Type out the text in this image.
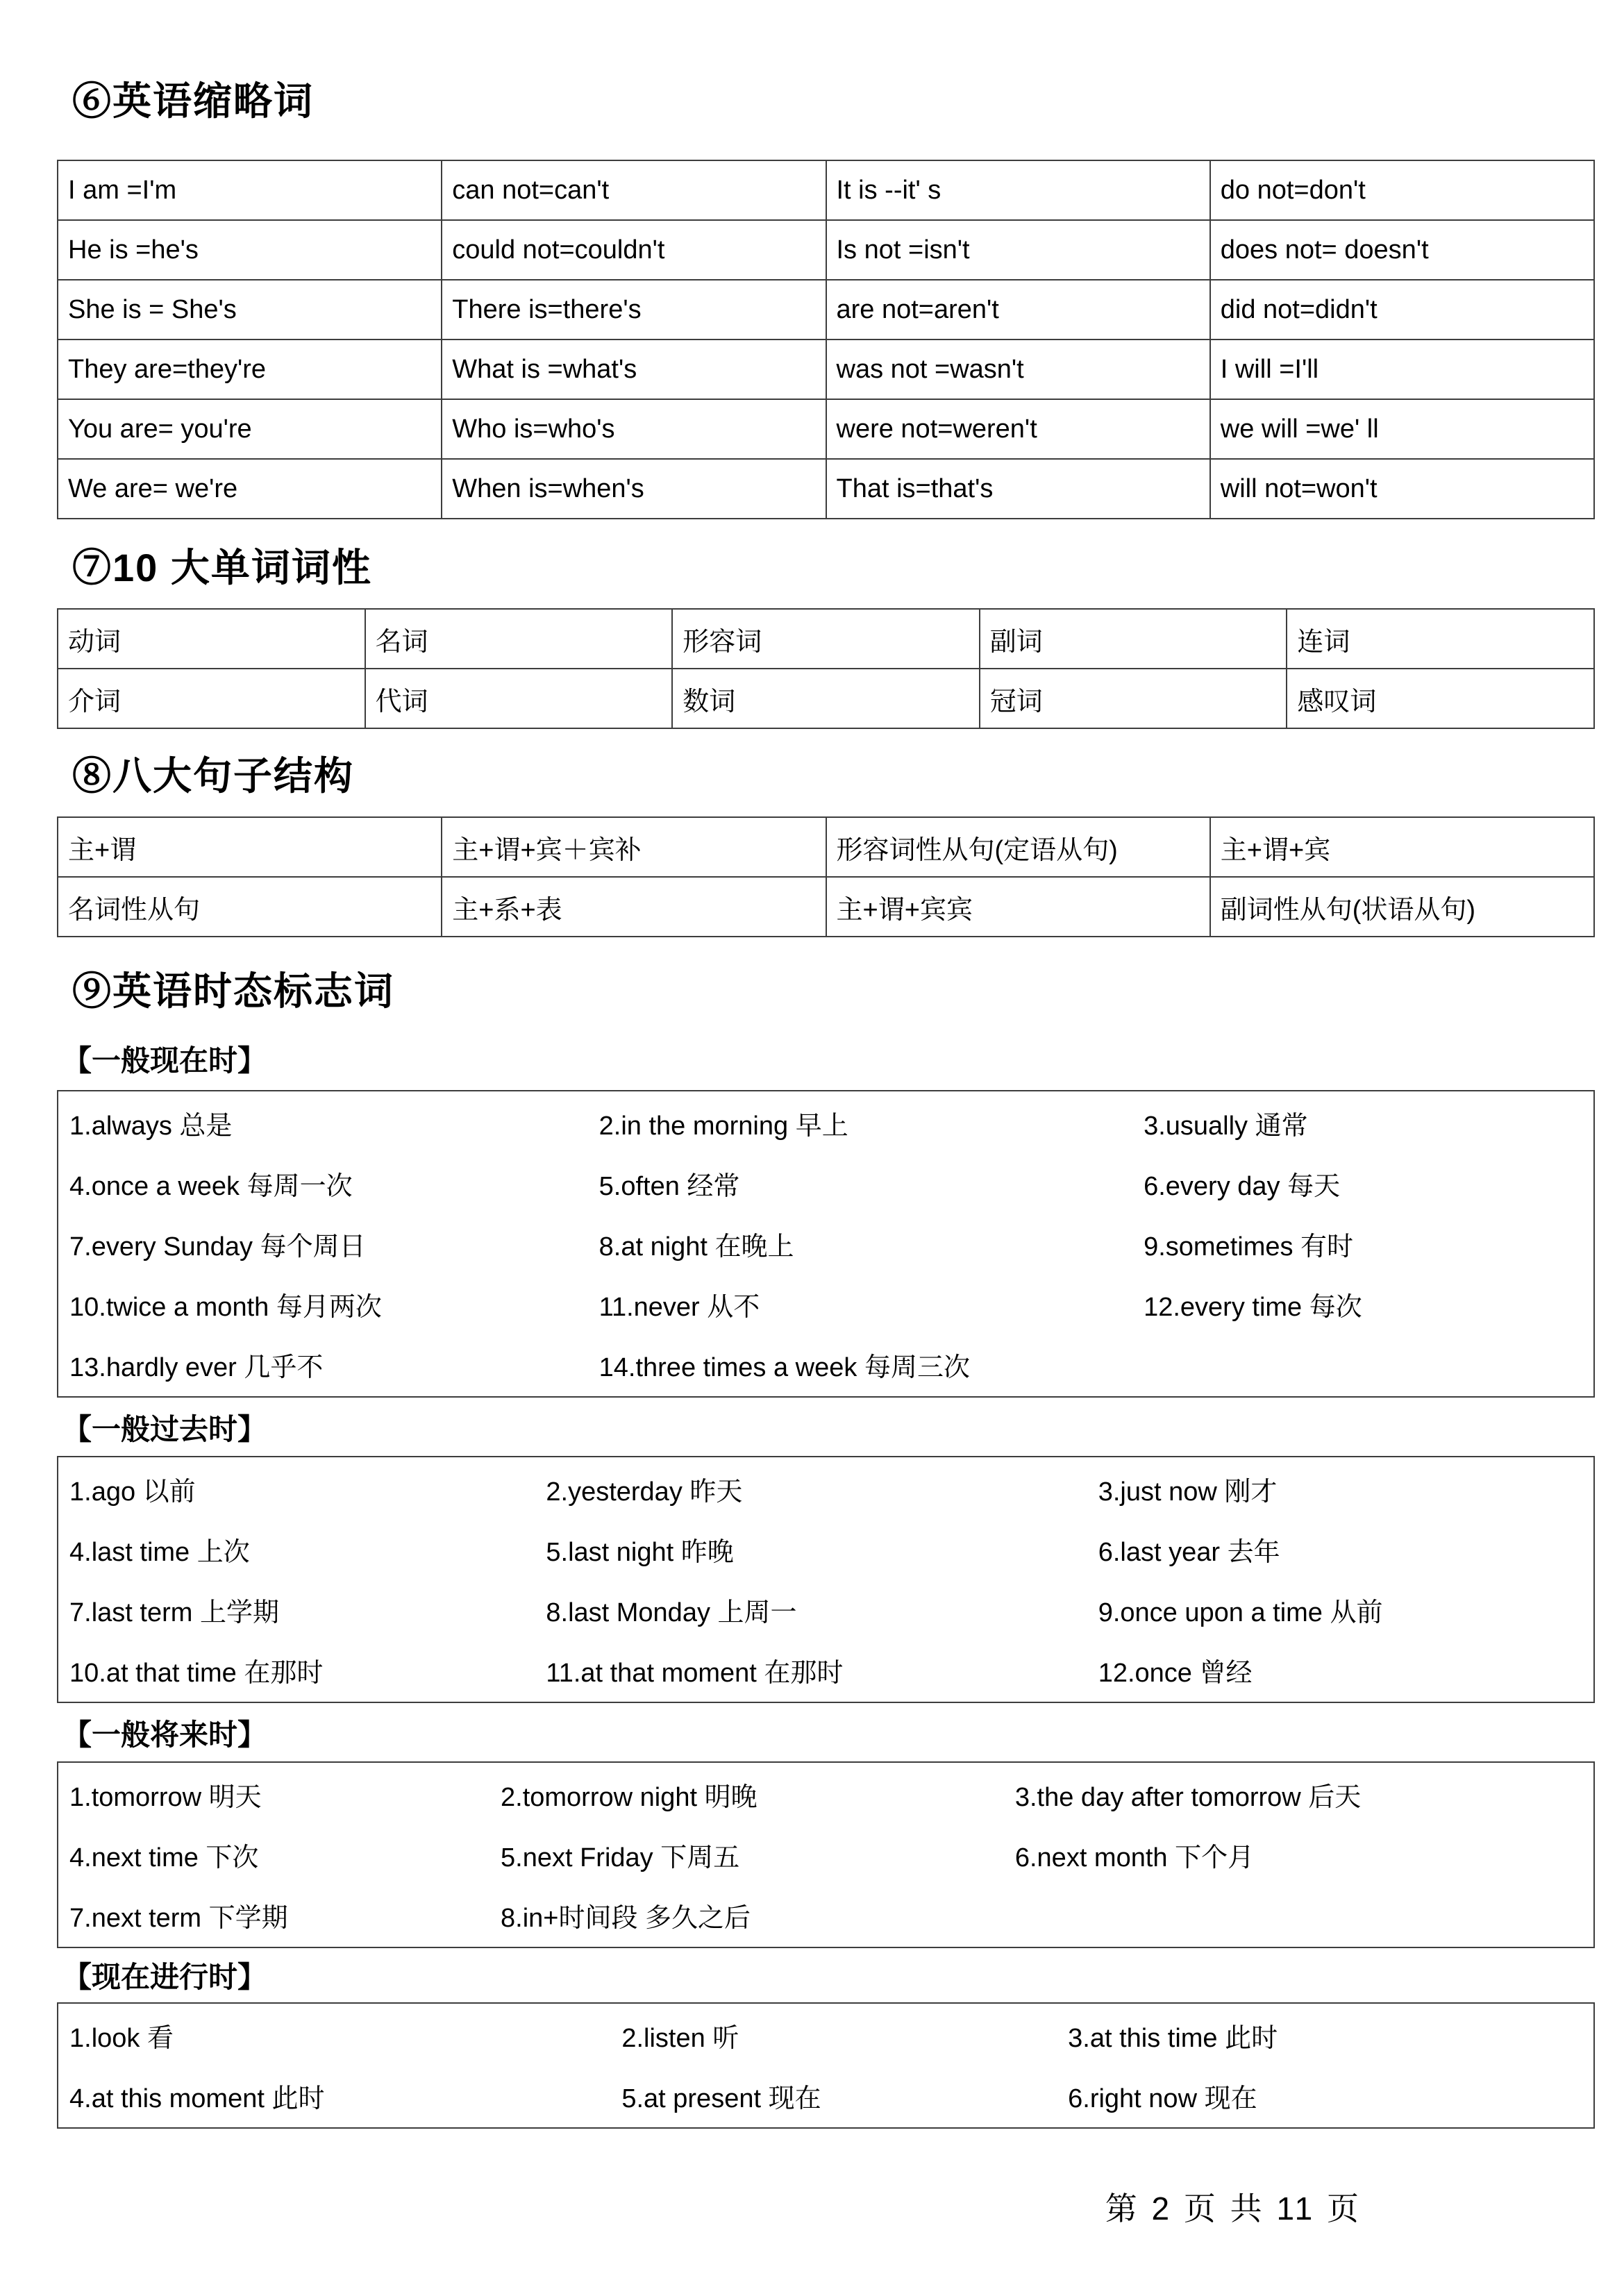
⑥英语缩略词
I am =I'm	can not=can't	It is --it' s	do not=don't
He is =he's	could not=couldn't	Is not =isn't	does not= doesn't
She is = She's	There is=there's	are not=aren't	did not=didn't
They are=they're	What is =what's	was not =wasn't	I will =I'll
You are= you're	Who is=who's	were not=weren't	we will =we' ll
We are= we're	When is=when's	That is=that's	will not=won't
⑦10 大单词词性
动词	名词	形容词	副词	连词
介词	代词	数词	冠词	感叹词
⑧八大句子结构
主+谓	主+谓+宾＋宾补	形容词性从句(定语从句)	主+谓+宾
名词性从句	主+系+表	主+谓+宾宾	副词性从句(状语从句)
⑨英语时态标志词
【一般现在时】
1.always 总是	2.in the morning 早上	3.usually 通常
4.once a week 每周一次	5.often 经常	6.every day 每天
7.every Sunday 每个周日	8.at night 在晚上	9.sometimes 有时
10.twice a month 每月两次	11.never 从不	12.every time 每次
13.hardly ever 几乎不	14.three times a week 每周三次
【一般过去时】
1.ago 以前	2.yesterday 昨天	3.just now 刚才
4.last time 上次	5.last night 昨晚	6.last year 去年
7.last term 上学期	8.last Monday 上周一	9.once upon a time 从前
10.at that time 在那时	11.at that moment 在那时	12.once 曾经
【一般将来时】
1.tomorrow 明天	2.tomorrow night 明晚	3.the day after tomorrow 后天
4.next time 下次	5.next Friday 下周五	6.next month 下个月
7.next term 下学期	8.in+时间段 多久之后
【现在进行时】
1.look 看	2.listen 听	3.at this time 此时
4.at this moment 此时	5.at present 现在	6.right now 现在
第 2 页 共 11 页
